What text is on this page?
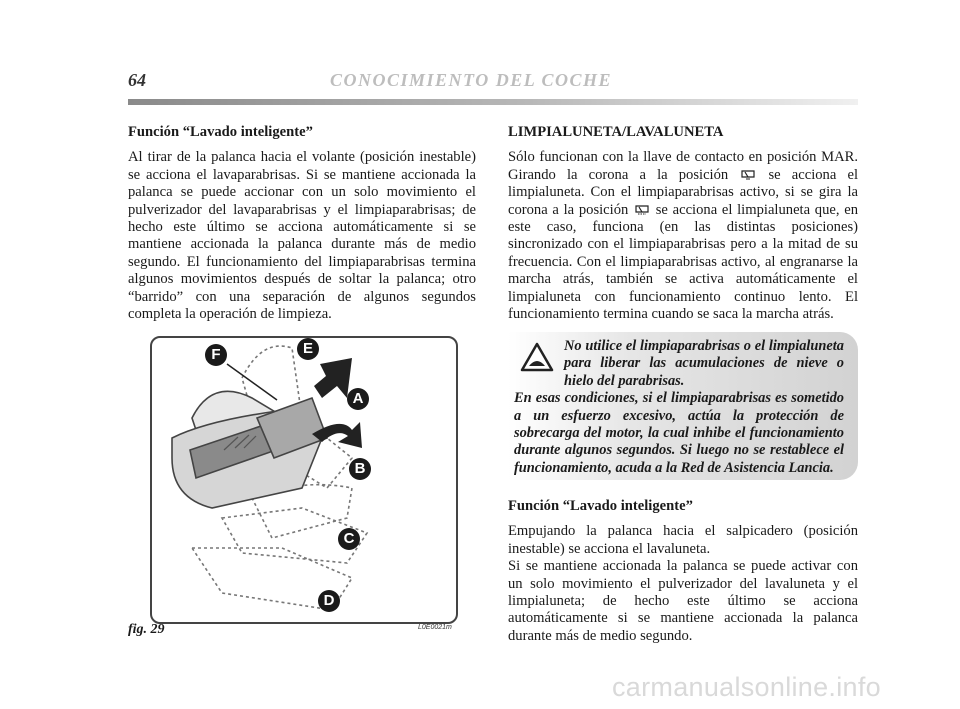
64	CONOCIMIENTO DEL COCHE
Función “Lavado inteligente”

Al tirar de la palanca hacia el volante (posición inestable) se acciona el lavaparabrisas. Si se mantiene accionada la palanca se puede accionar con un solo movimiento el pulverizador del lavaparabrisas y el limpiaparabrisas; de hecho este último se acciona automáticamente si se mantiene accionada la palanca durante más de medio segundo. El funcionamiento del limpiaparabrisas termina algunos movimientos después de soltar la palanca; otro “barrido” con una separación de algunos segundos completa la operación de limpieza.

LIMPIALUNETA/LAVALUNETA

Sólo funcionan con la llave de contacto en posición MAR. Girando la corona a la posición	se acciona el limpialuneta. Con el limpiaparabrisas activo, si se gira la corona a la posición se acciona el limpialuneta que, en este caso, funciona (en las distintas posiciones) sincronizado con el limpiaparabrisas pero a la mitad de su frecuencia. Con el limpiaparabrisas activo, al engranarse la marcha atrás, también se activa automáticamente el limpialuneta con funcionamiento continuo lento. El funcionamiento termina cuando se saca la marcha atrás.

No utilice el limpiaparabrisas o el limpialuneta para liberar las acumulaciones de nieve o hielo del parabrisas.
En esas condiciones, si el limpiaparabrisas es sometido a un esfuerzo excesivo, actúa la protección de sobrecarga del motor, la cual inhibe el funcionamiento durante algunos segundos. Si luego no se restablece el funcionamiento, acuda a la Red de Asistencia Lancia.
Función “Lavado inteligente”

Empujando la palanca hacia el salpicadero (posición inestable) se acciona el lavaluneta.

Si se mantiene accionada la palanca se puede activar con un solo movimiento el pulverizador del lavaluneta y el limpialuneta; de hecho este último se acciona automáticamente si se mantiene accionada la palanca durante más de medio segundo.

F	E
A
B
C
D
fig. 29	L0E0021m
carmanualsonline.info
